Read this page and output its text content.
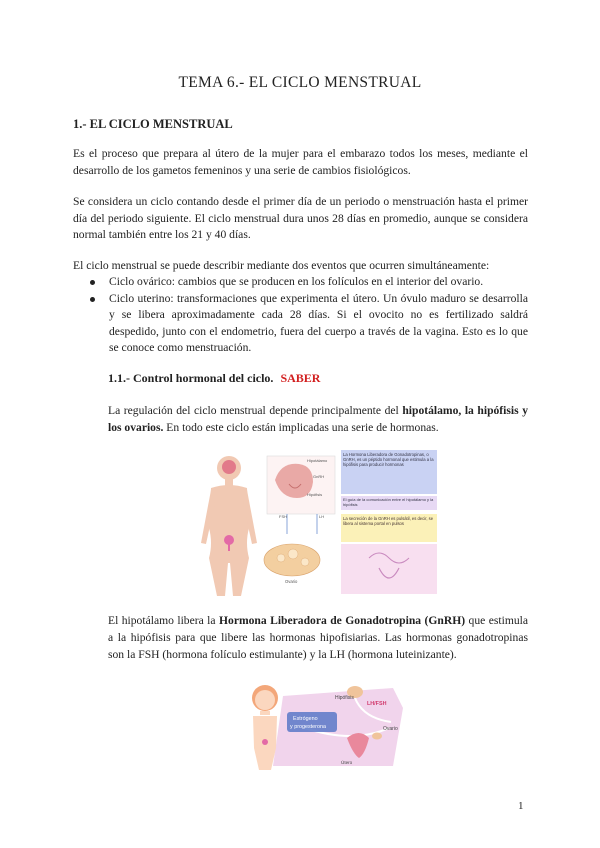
TEMA 6.- EL CICLO MENSTRUAL
1.- EL CICLO MENSTRUAL

Es el proceso que prepara al útero de la mujer para el embarazo todos los meses, mediante el desarrollo de los gametos femeninos y una serie de cambios fisiológicos.

Se considera un ciclo contando desde el primer día de un periodo o menstruación hasta el primer día del periodo siguiente. El ciclo menstrual dura unos 28 días en promedio, aunque se considera normal también entre los 21 y 40 días.

El ciclo menstrual se puede describir mediante dos eventos que ocurren simultáneamente:

Ciclo ovárico: cambios que se producen en los folículos en el interior del ovario.
Ciclo uterino: transformaciones que experimenta el útero. Un óvulo maduro se desarrolla y se libera aproximadamente cada 28 días. Si el ovocito no es fertilizado saldrá despedido, junto con el endometrio, fuera del cuerpo a través de la vagina. Esto es lo que se conoce como menstruación.
1.1.- Control hormonal del ciclo. SABER

La regulación del ciclo menstrual depende principalmente del hipotálamo, la hipófisis y los ovarios. En todo este ciclo están implicadas una serie de hormonas.

Hipotálamo
GnRH
Hipófisis
FSH	LH
Ovario
La Hormona Liberadora de Gonadotropinas, o GnRH, es un péptido hormonal que estimula a la hipófisis para producir hormonas
El guía de la comunicación entre el hipotálamo y la hipófisis
La secreción de la GnRH es pulsátil, es decir, se libera al sistema portal en pulsos

El hipotálamo libera la Hormona Liberadora de Gonadotropina (GnRH) que estimula a la hipófisis para que libere las hormonas hipofisiarias. Las hormonas gonadotropinas son la FSH (hormona folículo estimulante) y la LH (hormona luteinizante).

Estrógeno
y progesterona
Hipófisis
LH/FSH
Ovario
Útero
1
